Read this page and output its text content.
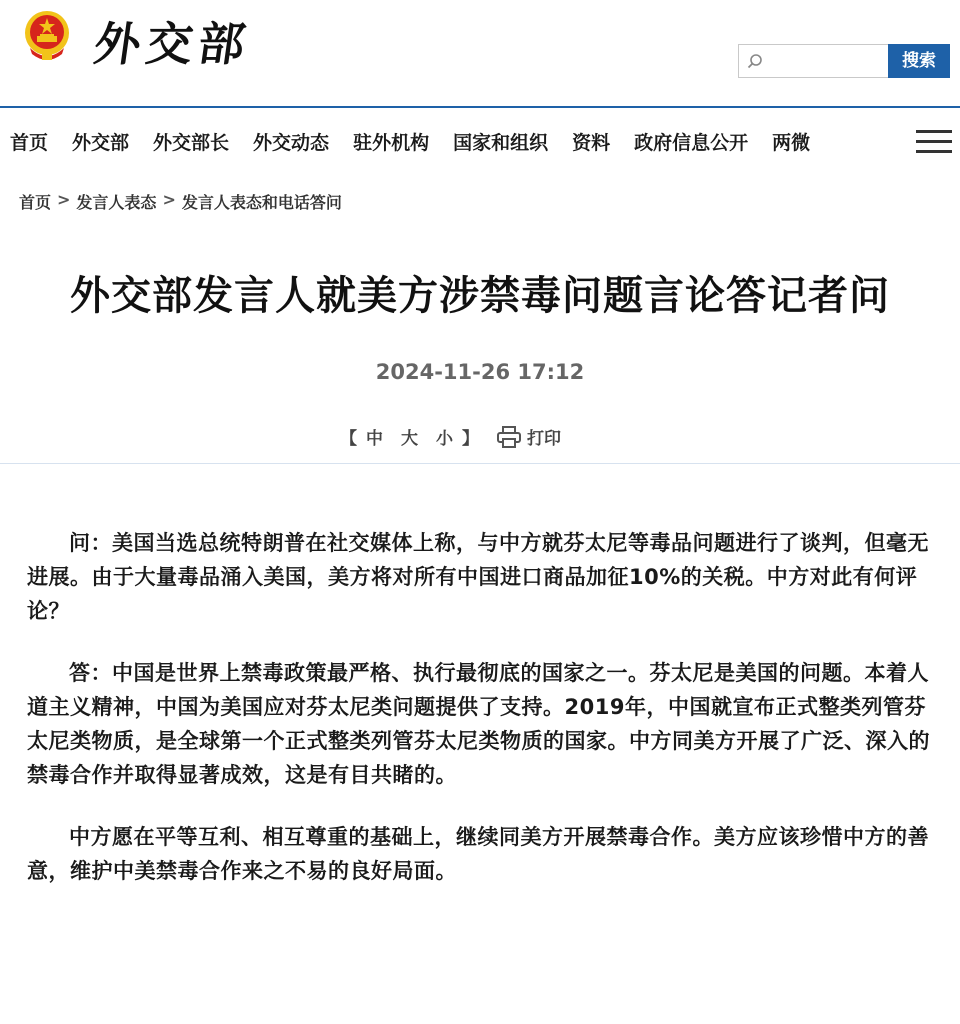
外交部	搜索
首页 外交部 外交部长 外交动态 驻外机构 国家和组织 资料 政府信息公开 两微
首页 > 发言人表态 > 发言人表态和电话答问
外交部发言人就美方涉禁毒问题言论答记者问
2024-11-26 17:12
【 中 大 小 】	打印

问：美国当选总统特朗普在社交媒体上称，与中方就芬太尼等毒品问题进行了谈判，但毫无进展。由于大量毒品涌入美国，美方将对所有中国进口商品加征10%的关税。中方对此有何评论？

答：中国是世界上禁毒政策最严格、执行最彻底的国家之一。芬太尼是美国的问题。本着人道主义精神，中国为美国应对芬太尼类问题提供了支持。2019年，中国就宣布正式整类列管芬太尼类物质，是全球第一个正式整类列管芬太尼类物质的国家。中方同美方开展了广泛、深入的禁毒合作并取得显著成效，这是有目共睹的。

中方愿在平等互利、相互尊重的基础上，继续同美方开展禁毒合作。美方应该珍惜中方的善意，维护中美禁毒合作来之不易的良好局面。
